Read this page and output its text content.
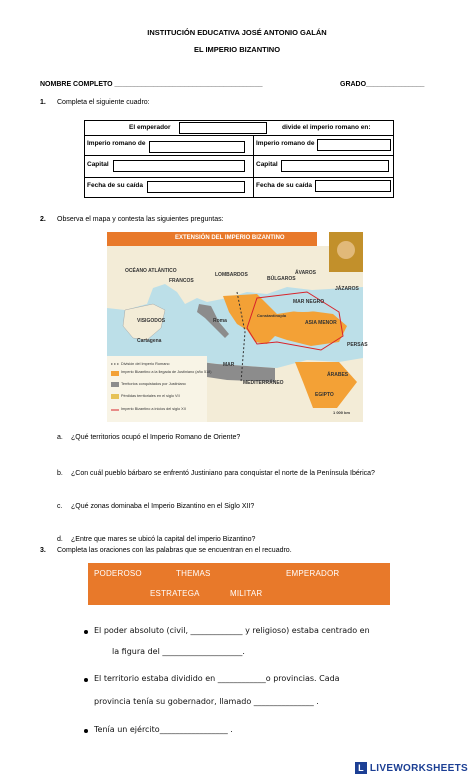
INSTITUCIÓN EDUCATIVA JOSÉ ANTONIO GALÁN
EL IMPERIO BIZANTINO
NOMBRE COMPLETO ______________________________________	GRADO_______________
1. Completa el siguiente cuadro:
El emperador	divide el imperio romano en:
Imperio romano de	Imperio romano de
Capital	Capital
Fecha de su caída	Fecha de su caída
2. Observa el mapa y contesta las siguientes preguntas:
EXTENSIÓN DEL IMPERIO BIZANTINO
OCÉANO ATLÁNTICO
FRANCOS
LOMBARDOS
VISIGODOS
Cartagena
BÚLGAROS
ÁVAROS
JÁZAROS
MAR NEGRO
Constantinopla
ASIA MENOR
PERSAS
MEDITERRÁNEO
EGIPTO
ÁRABES
Roma
MAR
1 000 km
División del Imperio Romano
Imperio Bizantino a la llegada de Justiniano (año 518)
Territorios conquistados por Justiniano
Pérdidas territoriales en el siglo VII
Imperio Bizantino a inicios del siglo XII
a. ¿Qué territorios ocupó el Imperio Romano de Oriente?
b. ¿Con cuál pueblo bárbaro se enfrentó Justiniano para conquistar el norte de la Península Ibérica?
c. ¿Qué zonas dominaba el Imperio Bizantino en el Siglo XII?
d. ¿Entre que mares se ubicó la capital del imperio Bizantino?
3. Completa las oraciones con las palabras que se encuentran en el recuadro.
PODEROSO	THEMAS	EMPERADOR
ESTRATEGA	MILITAR
El poder absoluto (civil, _____________ y religioso) estaba centrado en
la figura del ____________________.
El territorio estaba dividido en ____________o provincias. Cada
provincia tenía su gobernador, llamado _______________ .
Tenía un ejército_________________ .
L LIVEWORKSHEETS
